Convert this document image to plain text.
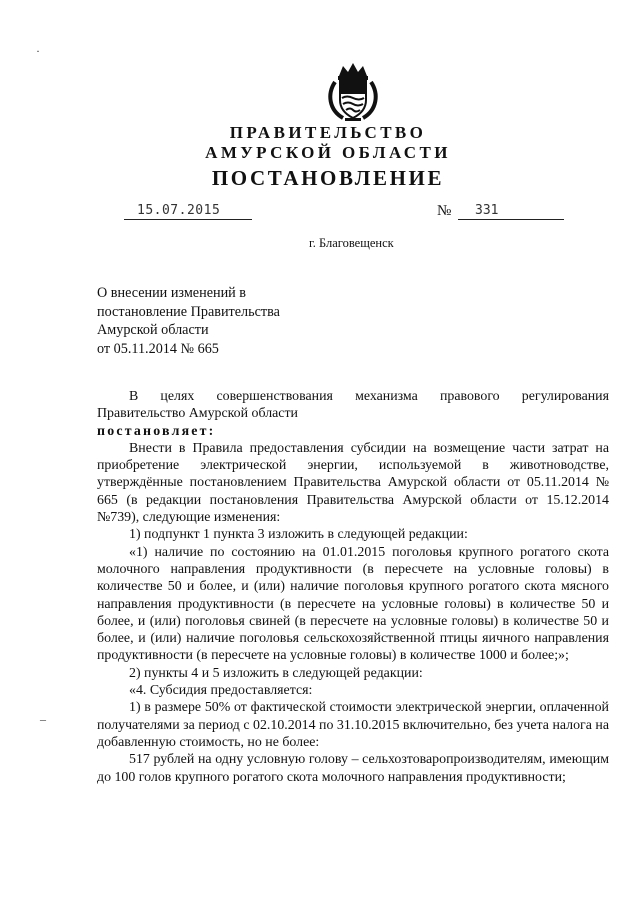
ПРАВИТЕЛЬСТВО
АМУРСКОЙ ОБЛАСТИ
ПОСТАНОВЛЕНИЕ
15.07.2015	№ 331
г. Благовещенск
О внесении изменений в
постановление Правительства
Амурской области
от 05.11.2014 № 665

В целях совершенствования механизма правового регулирования

Правительство Амурской области

постановляет:

Внести в Правила предоставления субсидии на возмещение части затрат на приобретение электрической энергии, используемой в животноводстве, утверждённые постановлением Правительства Амурской области от 05.11.2014 № 665 (в редакции постановления Правительства Амурской области от 15.12.2014 №739), следующие изменения:

1) подпункт 1 пункта 3 изложить в следующей редакции:

«1) наличие по состоянию на 01.01.2015 поголовья крупного рогатого скота молочного направления продуктивности (в пересчете на условные головы) в количестве 50 и более, и (или) наличие поголовья крупного рогатого скота мясного направления продуктивности (в пересчете на условные головы) в количестве 50 и более, и (или) поголовья свиней (в пересчете на условные головы) в количестве 50 и более, и (или) наличие поголовья сельскохозяйственной птицы яичного направления продуктивности (в пересчете на условные головы) в количестве 1000 и более;»;

2) пункты 4 и 5 изложить в следующей редакции:

«4. Субсидия предоставляется:

1) в размере 50% от фактической стоимости электрической энергии, оплаченной получателями за период с 02.10.2014 по 31.10.2015 включительно, без учета налога на добавленную стоимость, но не более:

517 рублей на одну условную голову – сельхозтоваропроизводителям, имеющим до 100 голов крупного рогатого скота молочного направления продуктивности;

·
–
